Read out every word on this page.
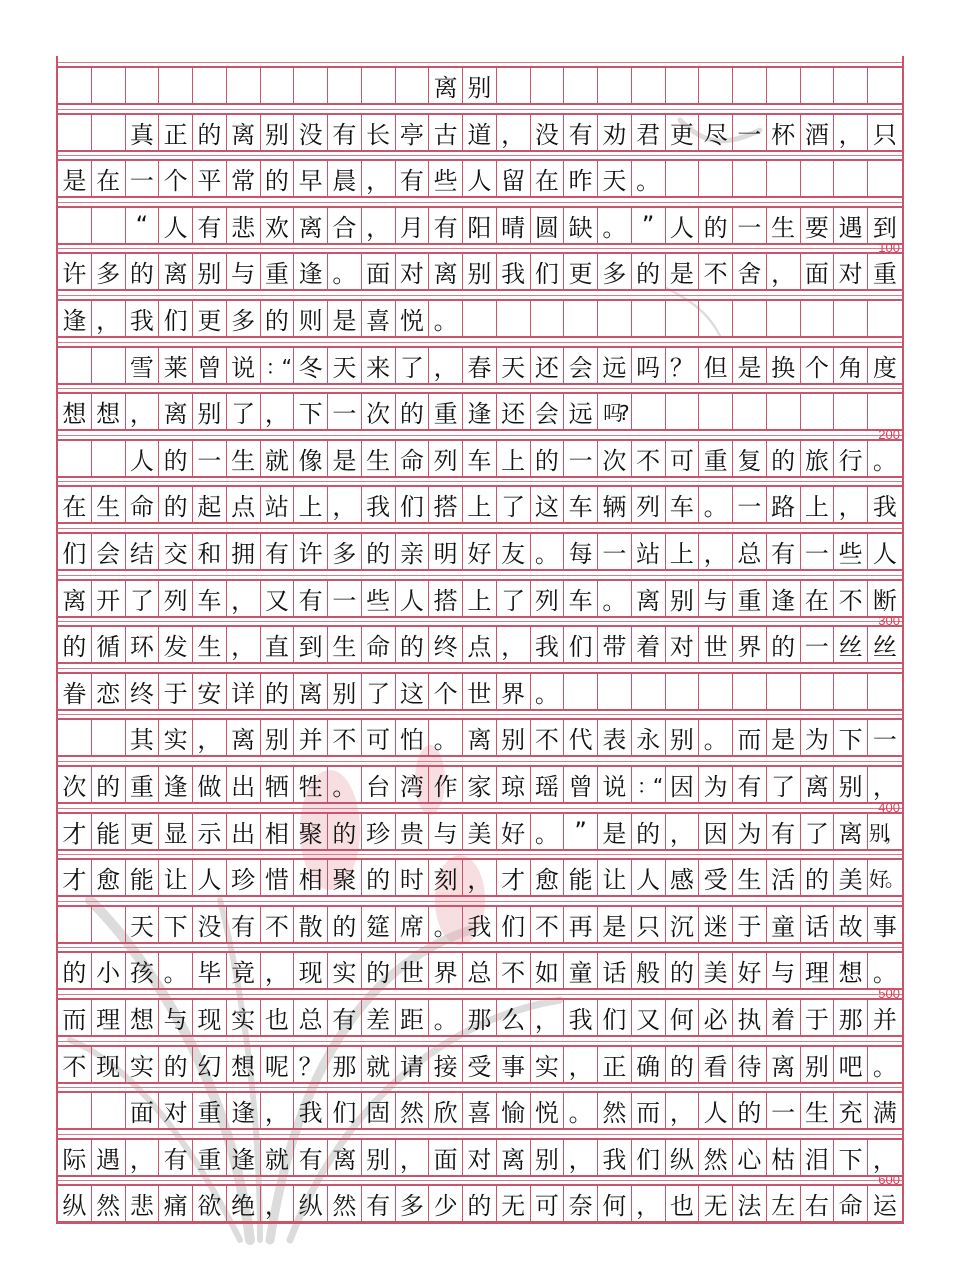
离 别
真 正 的 离 别 没 有 长 亭 古 道 ， 没 有 劝 君 更 尽 一 杯 酒 ， 只
是 在 一 个 平 常 的 早 晨 ， 有 些 人 留 在 昨 天 。
“ 人 有 悲 欢 离 合 ， 月 有 阳 晴 圆 缺 。 ” 人 的 一 生 要 遇 到
许 多 的 离 别 与 重 逢 。 面 对 离 别 我 们 更 多 的 是 不 舍 ， 面 对 重
逢 ， 我 们 更 多 的 则 是 喜 悦 。
雪 莱 曾 说 ：“ 冬 天 来 了 ， 春 天 还 会 远 吗 ？ 但 是 换 个 角 度
想 想 ， 离 别 了 ， 下 一 次 的 重 逢 还 会 远 吗?
人 的 一 生 就 像 是 生 命 列 车 上 的 一 次 不 可 重 复 的 旅 行 。
在 生 命 的 起 点 站 上 ， 我 们 搭 上 了 这 车 辆 列 车 。 一 路 上 ， 我
们 会 结 交 和 拥 有 许 多 的 亲 明 好 友 。 每 一 站 上 ， 总 有 一 些 人
离 开 了 列 车 ， 又 有 一 些 人 搭 上 了 列 车 。 离 别 与 重 逢 在 不 断
的 循 环 发 生 ， 直 到 生 命 的 终 点 ， 我 们 带 着 对 世 界 的 一 丝 丝
眷 恋 终 于 安 详 的 离 别 了 这 个 世 界 。
其 实 ， 离 别 并 不 可 怕 。 离 别 不 代 表 永 别 。 而 是 为 下 一
次 的 重 逢 做 出 牺 牲 。 台 湾 作 家 琼 瑶 曾 说 ：“ 因 为 有 了 离 别 ，
才 能 更 显 示 出 相 聚 的 珍 贵 与 美 好 。 ” 是 的 ， 因 为 有 了 离 别，
才 愈 能 让 人 珍 惜 相 聚 的 时 刻 ， 才 愈 能 让 人 感 受 生 活 的 美 好。
天 下 没 有 不 散 的 筵 席 。 我 们 不 再 是 只 沉 迷 于 童 话 故 事
的 小 孩 。 毕 竟 ， 现 实 的 世 界 总 不 如 童 话 般 的 美 好 与 理 想 。
而 理 想 与 现 实 也 总 有 差 距 。 那 么 ， 我 们 又 何 必 执 着 于 那 并
不 现 实 的 幻 想 呢 ？ 那 就 请 接 受 事 实 ， 正 确 的 看 待 离 别 吧 。
面 对 重 逢 ， 我 们 固 然 欣 喜 愉 悦 。 然 而 ， 人 的 一 生 充 满
际 遇 ， 有 重 逢 就 有 离 别 ， 面 对 离 别 ， 我 们 纵 然 心 枯 泪 下 ，
纵 然 悲 痛 欲 绝 ， 纵 然 有 多 少 的 无 可 奈 何 ， 也 无 法 左 右 命 运
100
200
300
400
500
600
